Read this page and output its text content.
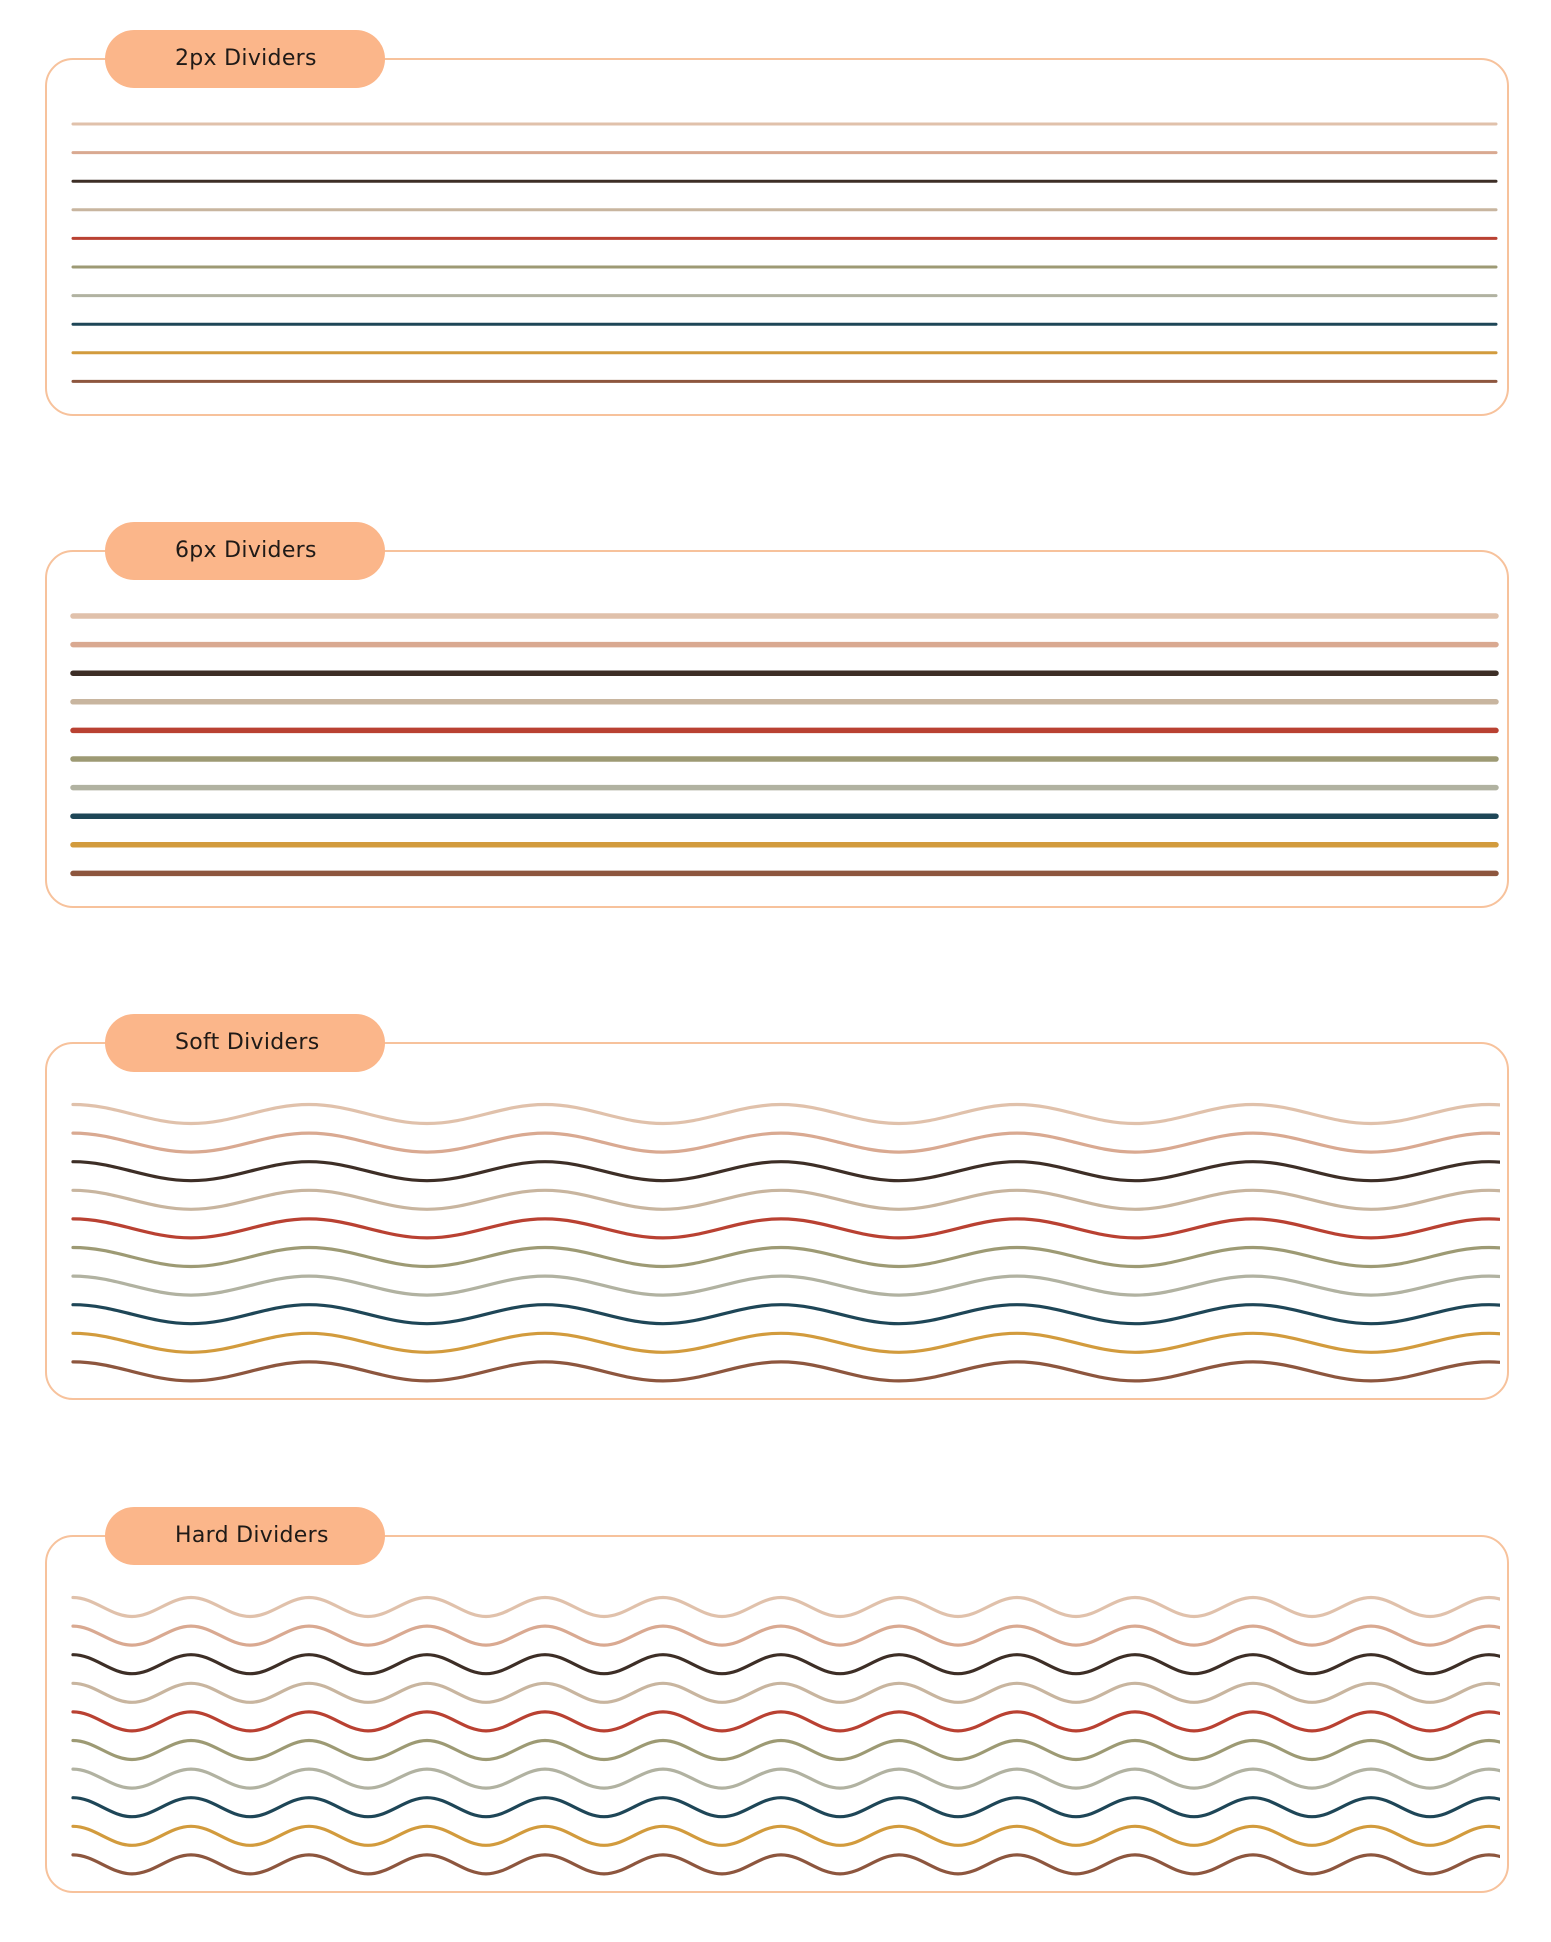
2px Dividers
6px Dividers
Soft Dividers
Hard Dividers
